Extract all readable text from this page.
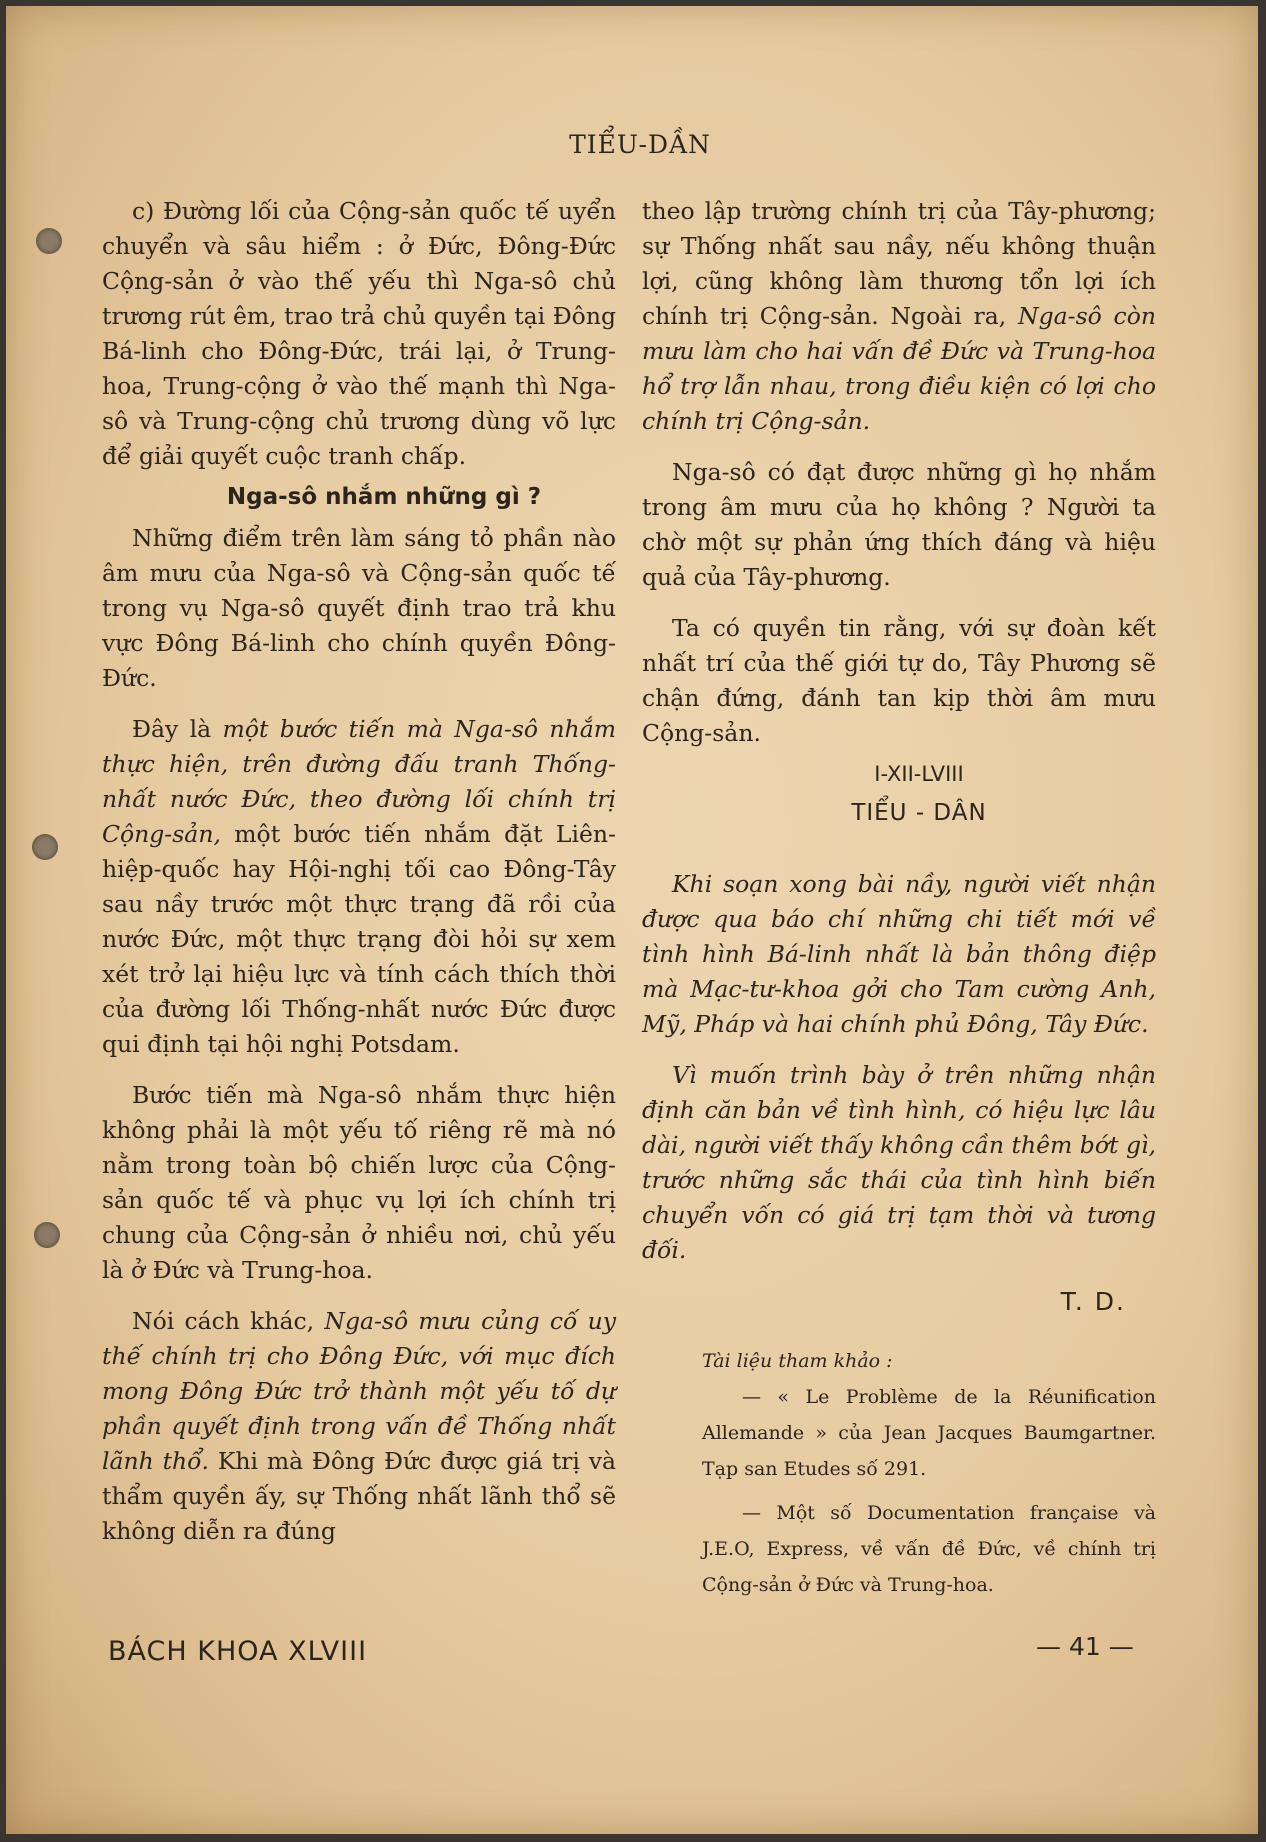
TIỂU-DẦN

c) Đường lối của Cộng-sản quốc tế uyển chuyển và sâu hiểm : ở Đức, Đông-Đức Cộng-sản ở vào thế yếu thì Nga-sô chủ trương rút êm, trao trả chủ quyền tại Đông Bá-linh cho Đông-Đức, trái lại, ở Trung-hoa, Trung-cộng ở vào thế mạnh thì Nga-sô và Trung-cộng chủ trương dùng võ lực để giải quyết cuộc tranh chấp.

Nga-sô nhắm những gì ?

Những điểm trên làm sáng tỏ phần nào âm mưu của Nga-sô và Cộng-sản quốc tế trong vụ Nga-sô quyết định trao trả khu vực Đông Bá-linh cho chính quyền Đông-Đức.

Đây là một bước tiến mà Nga-sô nhắm thực hiện, trên đường đấu tranh Thống-nhất nước Đức, theo đường lối chính trị Cộng-sản, một bước tiến nhắm đặt Liên-hiệp-quốc hay Hội-nghị tối cao Đông-Tây sau nầy trước một thực trạng đã rồi của nước Đức, một thực trạng đòi hỏi sự xem xét trở lại hiệu lực và tính cách thích thời của đường lối Thống-nhất nước Đức được qui định tại hội nghị Potsdam.

Bước tiến mà Nga-sô nhắm thực hiện không phải là một yếu tố riêng rẽ mà nó nằm trong toàn bộ chiến lược của Cộng-sản quốc tế và phục vụ lợi ích chính trị chung của Cộng-sản ở nhiều nơi, chủ yếu là ở Đức và Trung-hoa.

Nói cách khác, Nga-sô mưu củng cố uy thế chính trị cho Đông Đức, với mục đích mong Đông Đức trở thành một yếu tố dự phần quyết định trong vấn đề Thống nhất lãnh thổ. Khi mà Đông Đức được giá trị và thẩm quyền ấy, sự Thống nhất lãnh thổ sẽ không diễn ra đúng

theo lập trường chính trị của Tây-phương; sự Thống nhất sau nầy, nếu không thuận lợi, cũng không làm thương tổn lợi ích chính trị Cộng-sản. Ngoài ra, Nga-sô còn mưu làm cho hai vấn đề Đức và Trung-hoa hổ trợ lẫn nhau, trong điều kiện có lợi cho chính trị Cộng-sản.

Nga-sô có đạt được những gì họ nhắm trong âm mưu của họ không ? Người ta chờ một sự phản ứng thích đáng và hiệu quả của Tây-phương.

Ta có quyền tin rằng, với sự đoàn kết nhất trí của thế giới tự do, Tây Phương sẽ chận đứng, đánh tan kịp thời âm mưu Cộng-sản.

I-XII-LVIII
TIỂU - DÂN

Khi soạn xong bài nầy, người viết nhận được qua báo chí những chi tiết mới về tình hình Bá-linh nhất là bản thông điệp mà Mạc-tư-khoa gởi cho Tam cường Anh, Mỹ, Pháp và hai chính phủ Đông, Tây Đức.

Vì muốn trình bày ở trên những nhận định căn bản về tình hình, có hiệu lực lâu dài, người viết thấy không cần thêm bớt gì, trước những sắc thái của tình hình biến chuyển vốn có giá trị tạm thời và tương đối.

T. D.

Tài liệu tham khảo :

— « Le Problème de la Réunification Allemande » của Jean Jacques Baumgartner. Tạp san Etudes số 291.

— Một số Documentation française và J.E.O, Express, về vấn đề Đức, về chính trị Cộng-sản ở Đức và Trung-hoa.

BÁCH KHOA XLVIII	— 41 —
